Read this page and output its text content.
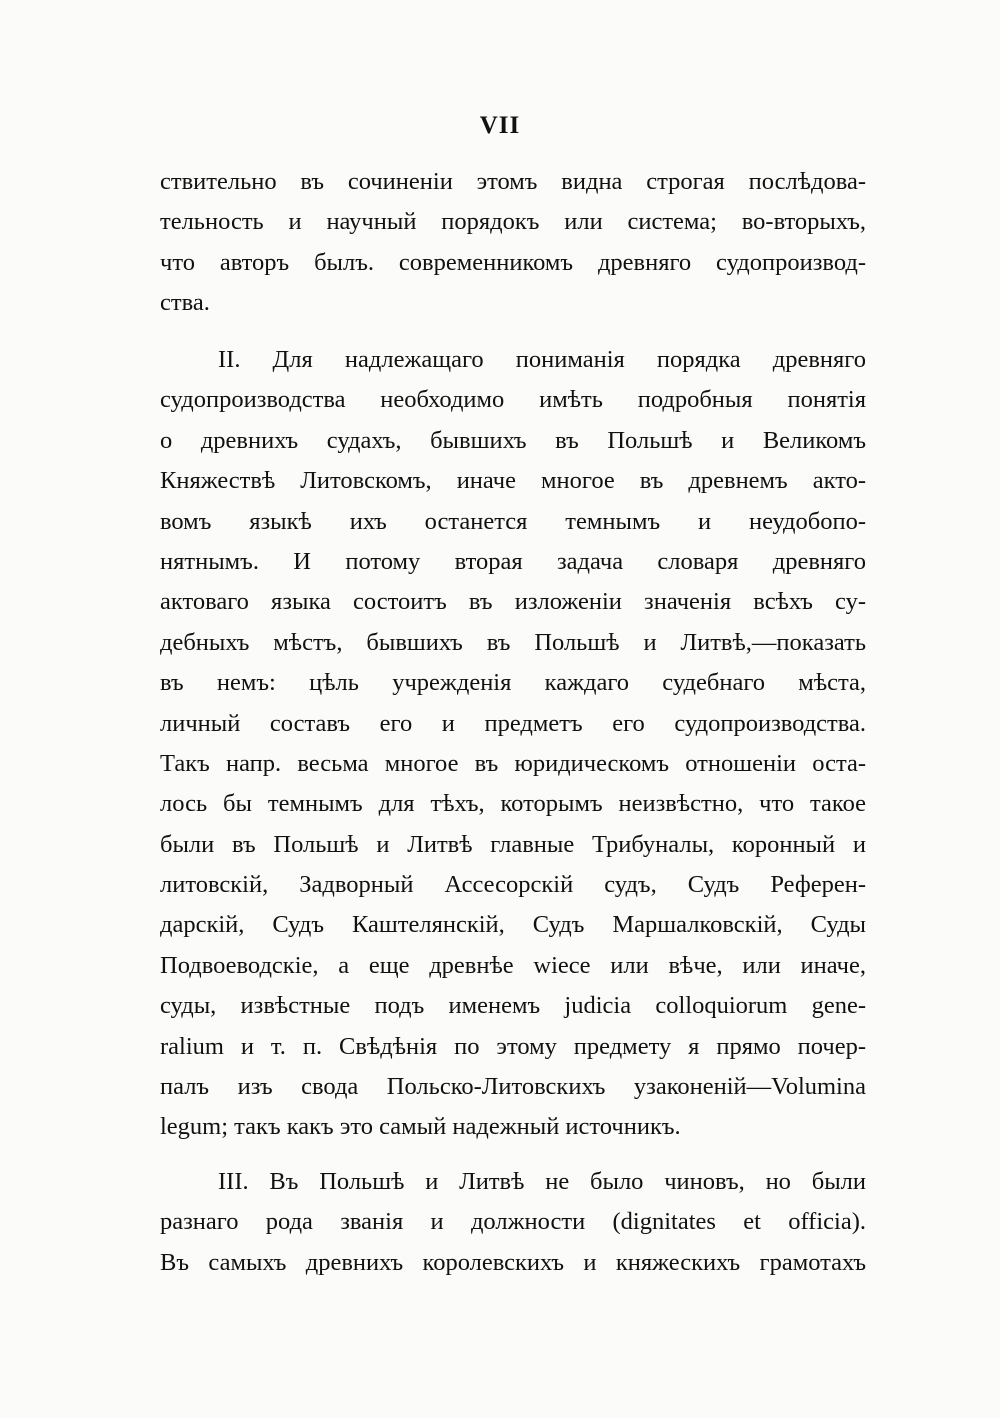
VII
ствительно въ сочиненіи этомъ видна строгая послѣдова-
тельность и научный порядокъ или система; во-вторыхъ,
что авторъ былъ. современникомъ древняго судопроизвод-
ства.
II. Для надлежащаго пониманія порядка древняго
судопроизводства необходимо имѣть подробныя понятія
о древнихъ судахъ, бывшихъ въ Польшѣ и Великомъ
Княжествѣ Литовскомъ, иначе многое въ древнемъ акто-
вомъ языкѣ ихъ останется темнымъ и неудобопо-
нятнымъ. И потому вторая задача словаря древняго
актоваго языка состоитъ въ изложеніи значенія всѣхъ су-
дебныхъ мѣстъ, бывшихъ въ Польшѣ и Литвѣ,—показать
въ немъ: цѣль учрежденія каждаго судебнаго мѣста,
личный составъ его и предметъ его судопроизводства.
Такъ напр. весьма многое въ юридическомъ отношеніи оста-
лось бы темнымъ для тѣхъ, которымъ неизвѣстно, что такое
были въ Польшѣ и Литвѣ главные Трибуналы, коронный и
литовскій, Задворный Ассесорскій судъ, Судъ Референ-
дарскій, Судъ Каштелянскій, Судъ Маршалковскій, Суды
Подвоеводскіе, а еще древнѣе wiece или вѣче, или иначе,
суды, извѣстные подъ именемъ judicia colloquiorum gene-
ralium и т. п. Свѣдѣнія по этому предмету я прямо почер-
палъ изъ свода Польско-Литовскихъ узаконеній—Volumina
legum; такъ какъ это самый надежный источникъ.
III. Въ Польшѣ и Литвѣ не было чиновъ, но были
разнаго рода званія и должности (dignitates et officia).
Въ самыхъ древнихъ королевскихъ и княжескихъ грамотахъ
